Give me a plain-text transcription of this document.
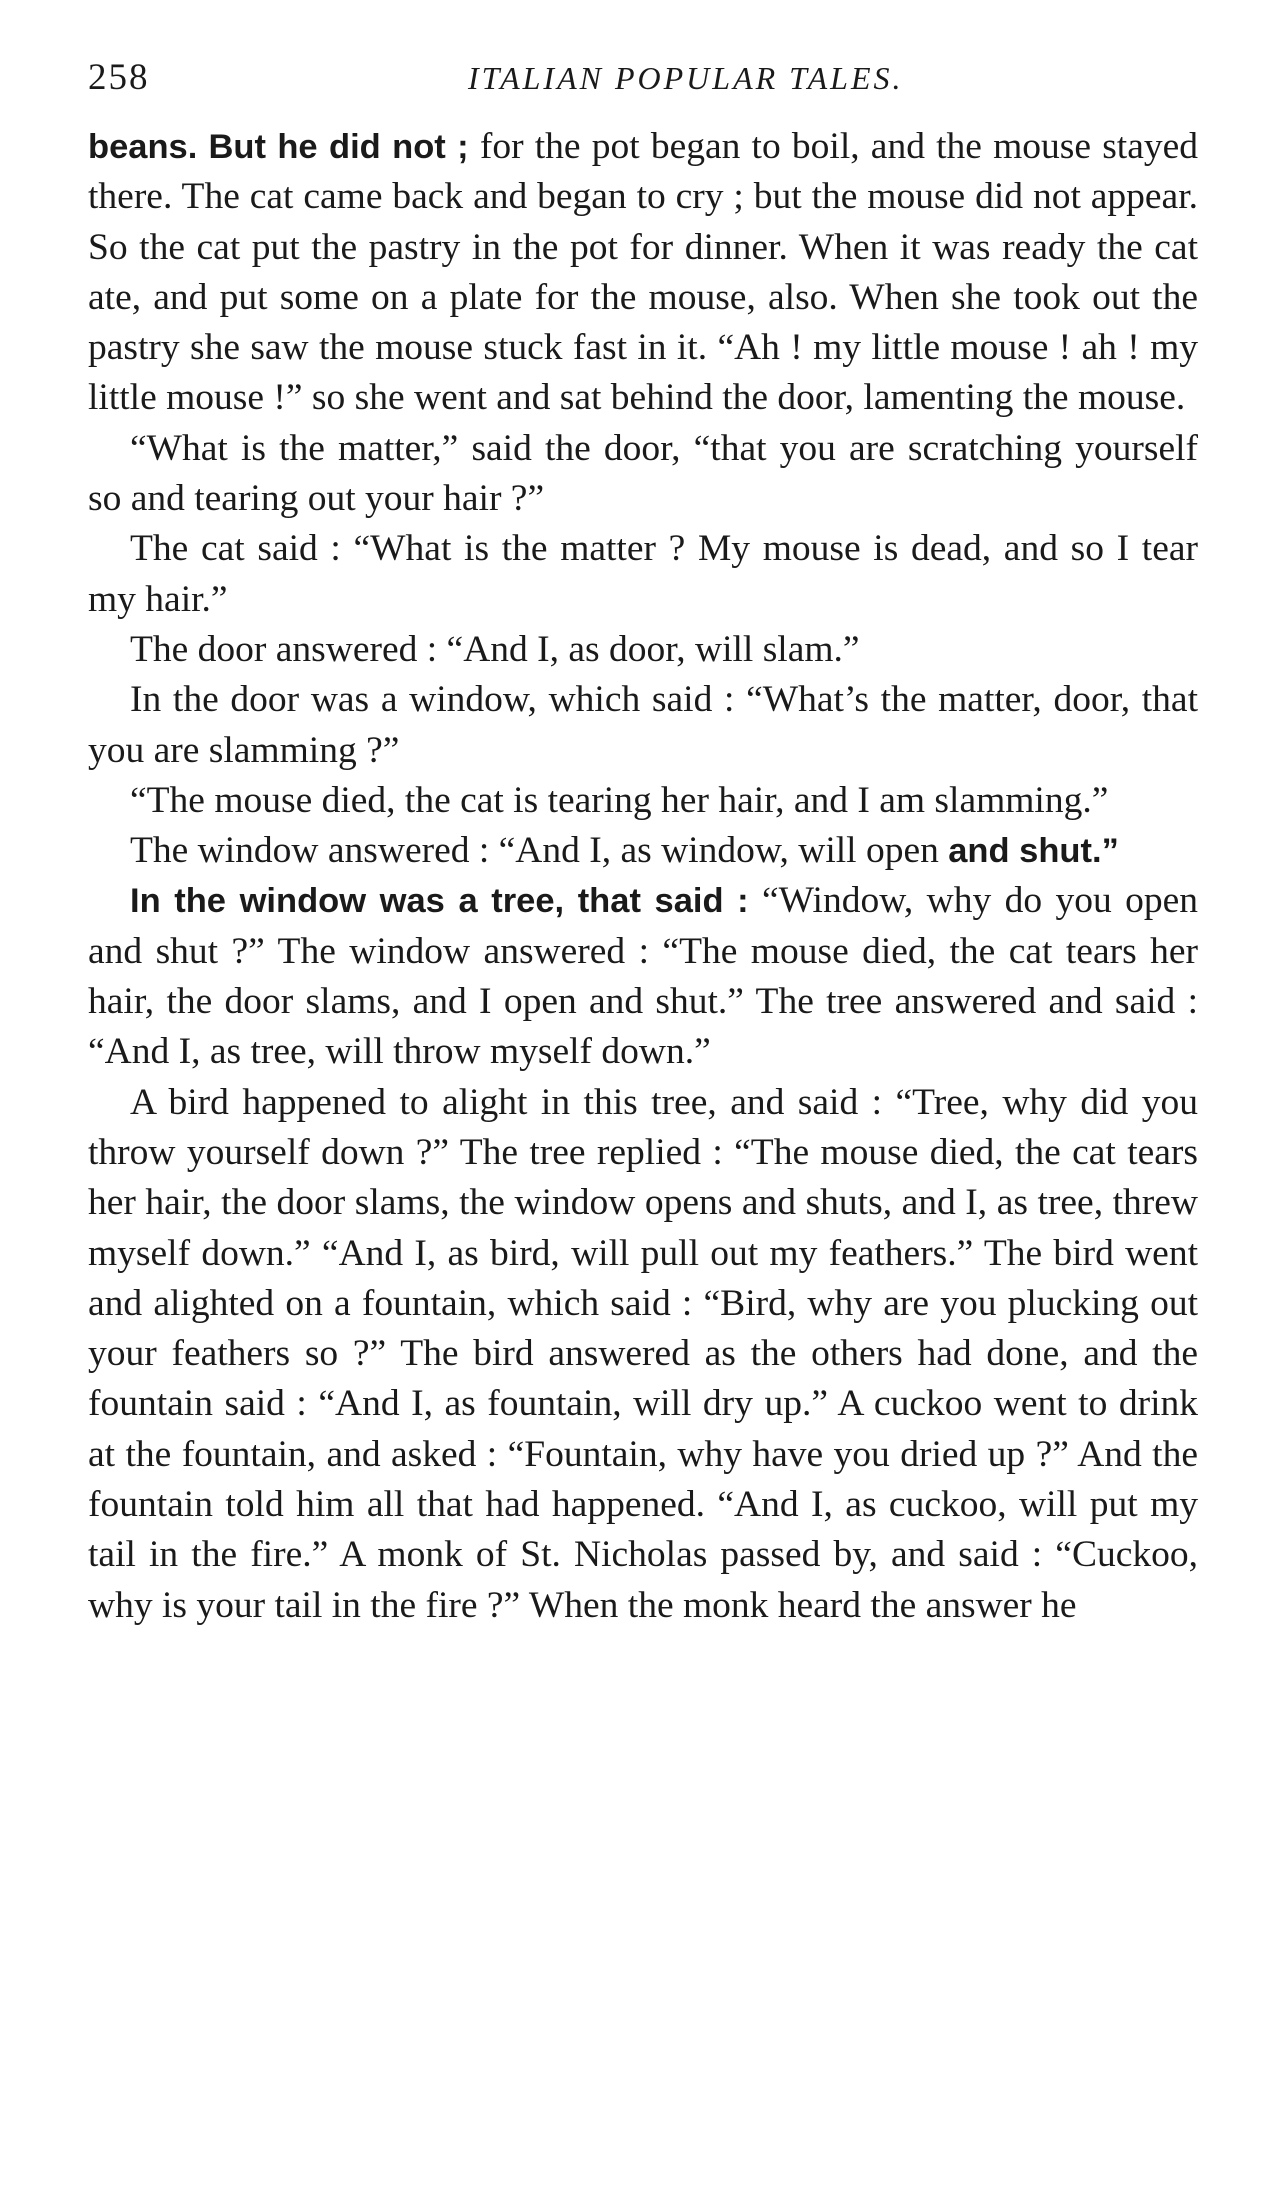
258	ITALIAN POPULAR TALES.

beans. But he did not ; for the pot began to boil, and the mouse stayed there. The cat came back and began to cry ; but the mouse did not appear. So the cat put the pastry in the pot for dinner. When it was ready the cat ate, and put some on a plate for the mouse, also. When she took out the pastry she saw the mouse stuck fast in it. “Ah ! my little mouse ! ah ! my little mouse !” so she went and sat behind the door, lamenting the mouse.

“What is the matter,” said the door, “that you are scratching yourself so and tearing out your hair ?”

The cat said : “What is the matter ? My mouse is dead, and so I tear my hair.”

The door answered : “And I, as door, will slam.”

In the door was a window, which said : “What’s the matter, door, that you are slamming ?”

“The mouse died, the cat is tearing her hair, and I am slamming.”

The window answered : “And I, as window, will open and shut.”

In the window was a tree, that said : “Window, why do you open and shut ?” The window answered : “The mouse died, the cat tears her hair, the door slams, and I open and shut.” The tree answered and said : “And I, as tree, will throw myself down.”

A bird happened to alight in this tree, and said : “Tree, why did you throw yourself down ?” The tree replied : “The mouse died, the cat tears her hair, the door slams, the window opens and shuts, and I, as tree, threw myself down.” “And I, as bird, will pull out my feathers.” The bird went and alighted on a fountain, which said : “Bird, why are you plucking out your feathers so ?” The bird answered as the others had done, and the fountain said : “And I, as fountain, will dry up.” A cuckoo went to drink at the fountain, and asked : “Fountain, why have you dried up ?” And the fountain told him all that had happened. “And I, as cuckoo, will put my tail in the fire.” A monk of St. Nicholas passed by, and said : “Cuckoo, why is your tail in the fire ?” When the monk heard the answer he
